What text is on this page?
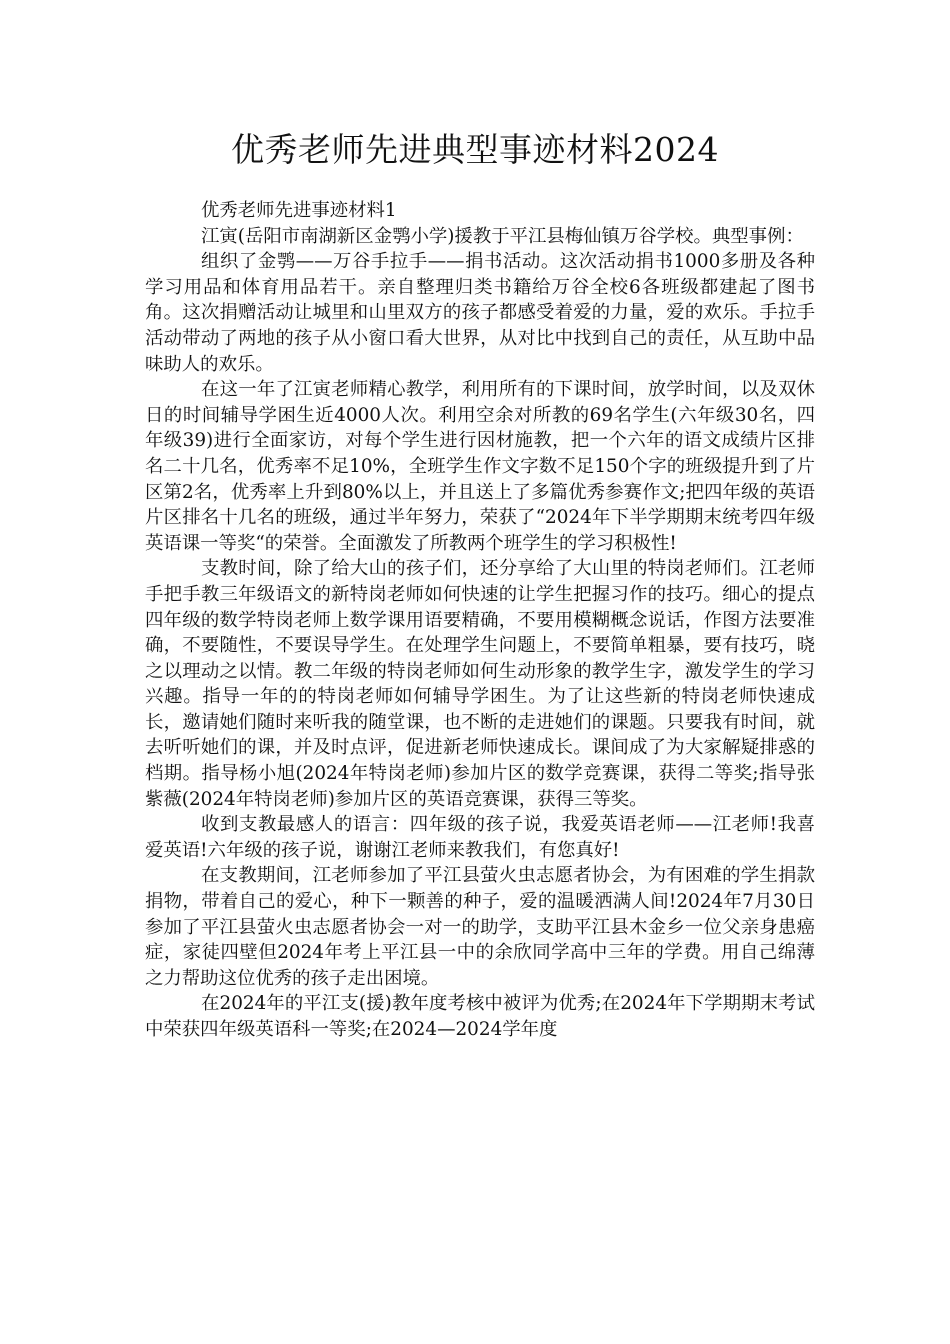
优秀老师先进典型事迹材料2024

优秀老师先进事迹材料1

江寅(岳阳市南湖新区金鹗小学)援教于平江县梅仙镇万谷学校。典型事例：

组织了金鹗——万谷手拉手——捐书活动。这次活动捐书1000多册及各种学习用品和体育用品若干。亲自整理归类书籍给万谷全校6各班级都建起了图书角。这次捐赠活动让城里和山里双方的孩子都感受着爱的力量，爱的欢乐。手拉手活动带动了两地的孩子从小窗口看大世界，从对比中找到自己的责任，从互助中品味助人的欢乐。

在这一年了江寅老师精心教学，利用所有的下课时间，放学时间，以及双休日的时间辅导学困生近4000人次。利用空余对所教的69名学生(六年级30名，四年级39)进行全面家访，对每个学生进行因材施教，把一个六年的语文成绩片区排名二十几名，优秀率不足10%，全班学生作文字数不足150个字的班级提升到了片区第2名，优秀率上升到80%以上，并且送上了多篇优秀参赛作文;把四年级的英语片区排名十几名的班级，通过半年努力，荣获了“2024年下半学期期末统考四年级英语课一等奖“的荣誉。全面激发了所教两个班学生的学习积极性!

支教时间，除了给大山的孩子们，还分享给了大山里的特岗老师们。江老师手把手教三年级语文的新特岗老师如何快速的让学生把握习作的技巧。细心的提点四年级的数学特岗老师上数学课用语要精确，不要用模糊概念说话，作图方法要准确，不要随性，不要误导学生。在处理学生问题上，不要简单粗暴，要有技巧，晓之以理动之以情。教二年级的特岗老师如何生动形象的教学生字，激发学生的学习兴趣。指导一年的的特岗老师如何辅导学困生。为了让这些新的特岗老师快速成长，邀请她们随时来听我的随堂课，也不断的走进她们的课题。只要我有时间，就去听听她们的课，并及时点评，促进新老师快速成长。课间成了为大家解疑排惑的档期。指导杨小旭(2024年特岗老师)参加片区的数学竞赛课，获得二等奖;指导张紫薇(2024年特岗老师)参加片区的英语竞赛课，获得三等奖。

收到支教最感人的语言：四年级的孩子说，我爱英语老师——江老师!我喜爱英语!六年级的孩子说，谢谢江老师来教我们，有您真好!

在支教期间，江老师参加了平江县萤火虫志愿者协会，为有困难的学生捐款捐物，带着自己的爱心，种下一颗善的种子，爱的温暖洒满人间!2024年7月30日参加了平江县萤火虫志愿者协会一对一的助学，支助平江县木金乡一位父亲身患癌症，家徒四壁但2024年考上平江县一中的余欣同学高中三年的学费。用自己绵薄之力帮助这位优秀的孩子走出困境。

在2024年的平江支(援)教年度考核中被评为优秀;在2024年下学期期末考试中荣获四年级英语科一等奖;在2024—2024学年度
